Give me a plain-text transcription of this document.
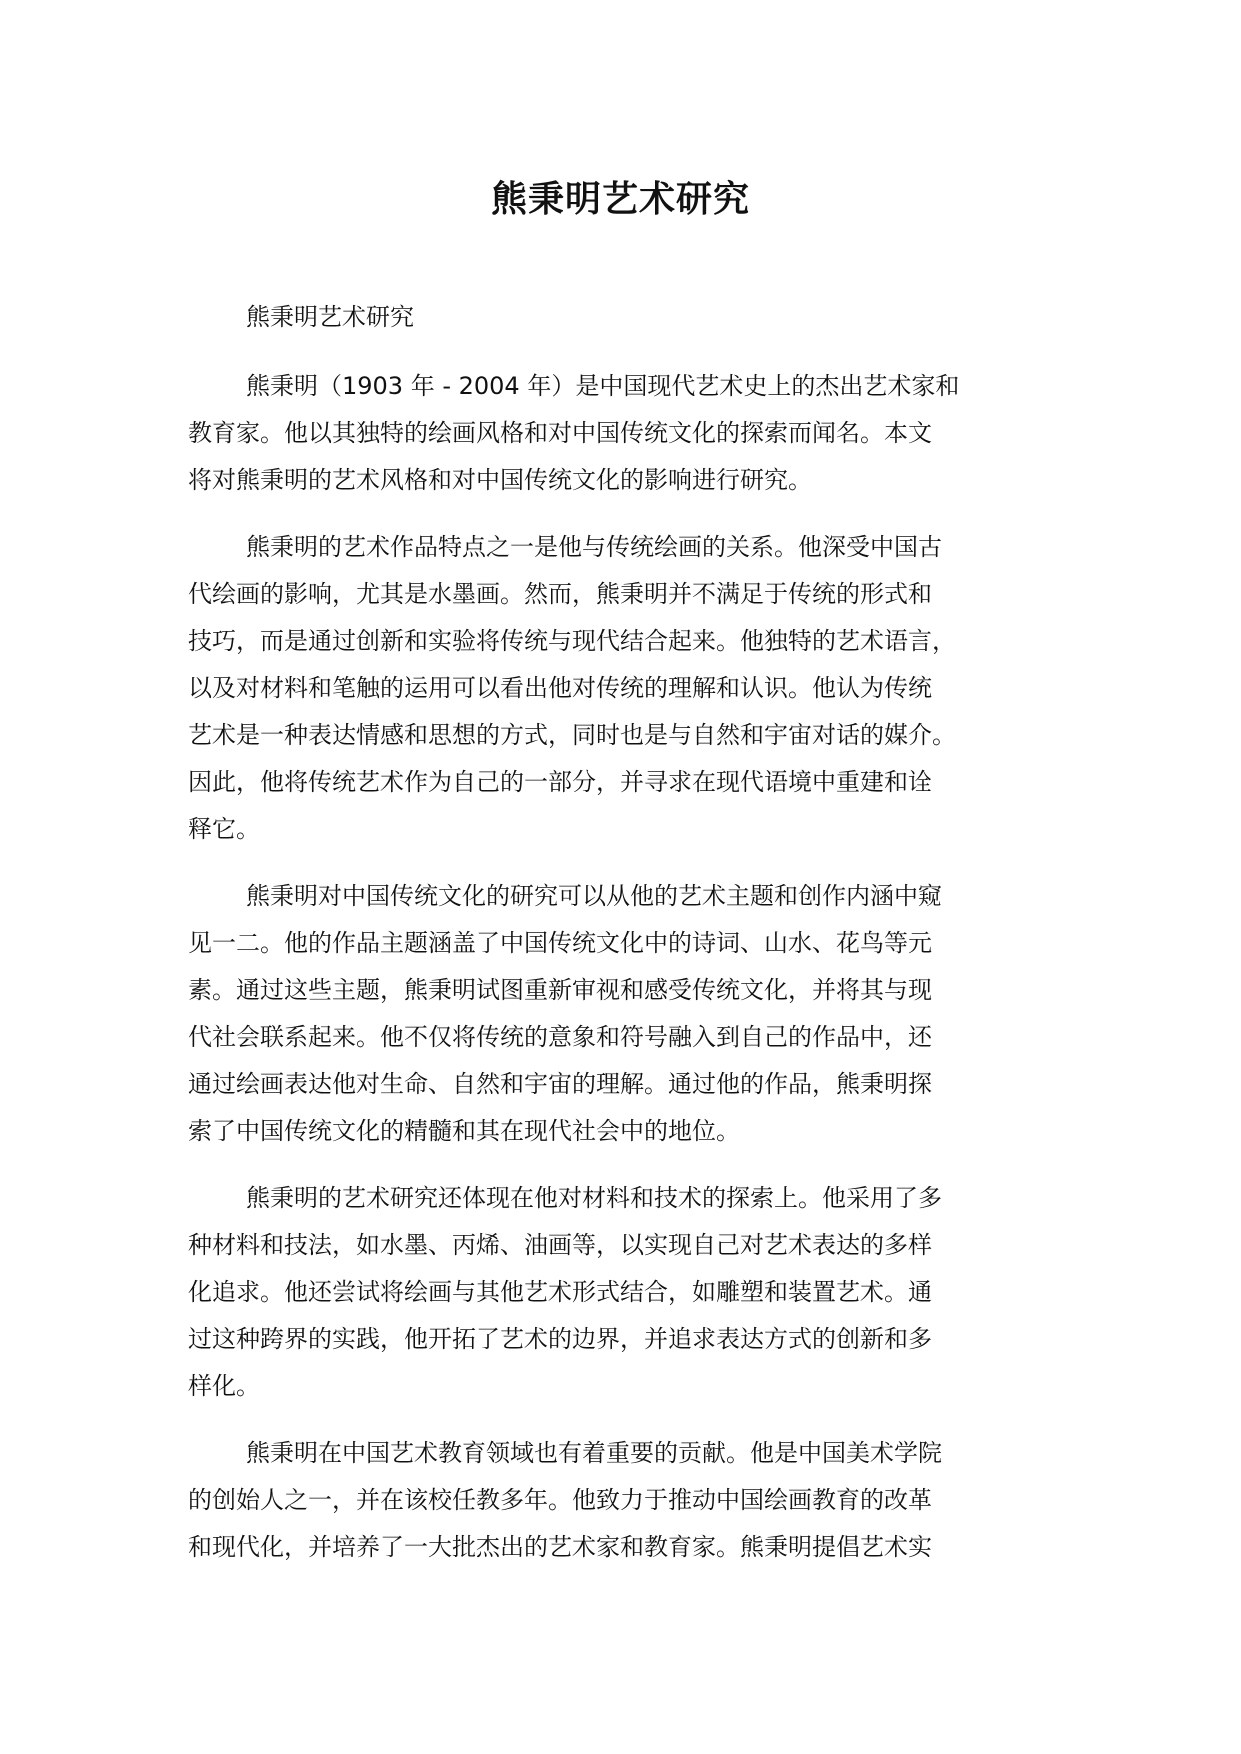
熊秉明艺术研究

熊秉明艺术研究

熊秉明（1903 年 - 2004 年）是中国现代艺术史上的杰出艺术家和
教育家。他以其独特的绘画风格和对中国传统文化的探索而闻名。本文
将对熊秉明的艺术风格和对中国传统文化的影响进行研究。

熊秉明的艺术作品特点之一是他与传统绘画的关系。他深受中国古
代绘画的影响，尤其是水墨画。然而，熊秉明并不满足于传统的形式和
技巧，而是通过创新和实验将传统与现代结合起来。他独特的艺术语言，
以及对材料和笔触的运用可以看出他对传统的理解和认识。他认为传统
艺术是一种表达情感和思想的方式，同时也是与自然和宇宙对话的媒介。
因此，他将传统艺术作为自己的一部分，并寻求在现代语境中重建和诠
释它。

熊秉明对中国传统文化的研究可以从他的艺术主题和创作内涵中窥
见一二。他的作品主题涵盖了中国传统文化中的诗词、山水、花鸟等元
素。通过这些主题，熊秉明试图重新审视和感受传统文化，并将其与现
代社会联系起来。他不仅将传统的意象和符号融入到自己的作品中，还
通过绘画表达他对生命、自然和宇宙的理解。通过他的作品，熊秉明探
索了中国传统文化的精髓和其在现代社会中的地位。

熊秉明的艺术研究还体现在他对材料和技术的探索上。他采用了多
种材料和技法，如水墨、丙烯、油画等，以实现自己对艺术表达的多样
化追求。他还尝试将绘画与其他艺术形式结合，如雕塑和装置艺术。通
过这种跨界的实践，他开拓了艺术的边界，并追求表达方式的创新和多
样化。

熊秉明在中国艺术教育领域也有着重要的贡献。他是中国美术学院
的创始人之一，并在该校任教多年。他致力于推动中国绘画教育的改革
和现代化，并培养了一大批杰出的艺术家和教育家。熊秉明提倡艺术实
